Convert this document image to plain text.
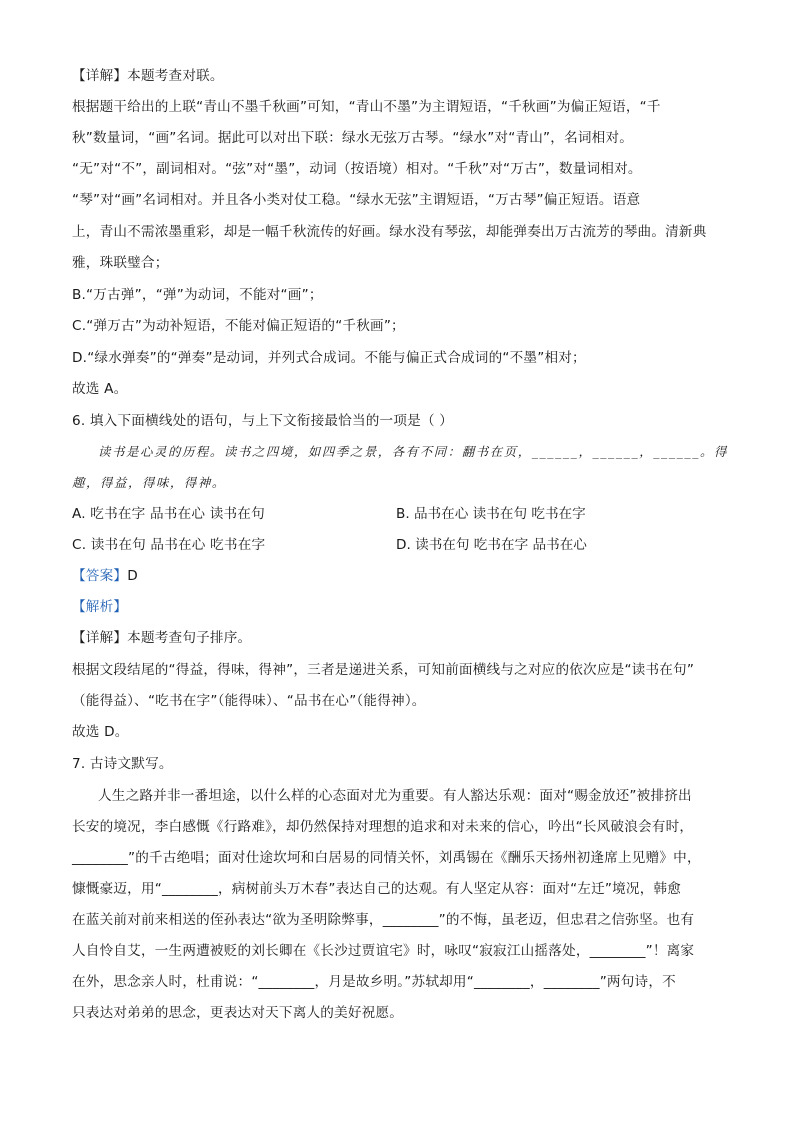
【详解】本题考查对联。
根据题干给出的上联“青山不墨千秋画”可知，“青山不墨”为主谓短语，“千秋画”为偏正短语，“千
秋”数量词，“画”名词。据此可以对出下联：绿水无弦万古琴。“绿水”对“青山”，名词相对。
“无”对“不”，副词相对。“弦”对“墨”，动词（按语境）相对。“千秋”对“万古”，数量词相对。
“琴”对“画”名词相对。并且各小类对仗工稳。“绿水无弦”主谓短语，“万古琴”偏正短语。语意
上，青山不需浓墨重彩，却是一幅千秋流传的好画。绿水没有琴弦，却能弹奏出万古流芳的琴曲。清新典
雅，珠联璧合；
B.“万古弹”，“弹”为动词，不能对“画”；
C.“弹万古”为动补短语，不能对偏正短语的“千秋画”；
D.“绿水弹奏”的“弹奏”是动词，并列式合成词。不能与偏正式合成词的“不墨”相对；
故选 A。
6. 填入下面横线处的语句，与上下文衔接最恰当的一项是（ ）
读书是心灵的历程。读书之四境，如四季之景，各有不同：翻书在页，______，______，______。得
趣，得益，得味，得神。
A. 吃书在字 品书在心 读书在句	B. 品书在心 读书在句 吃书在字
C. 读书在句 品书在心 吃书在字	D. 读书在句 吃书在字 品书在心
【答案】D
【解析】
【详解】本题考查句子排序。
根据文段结尾的“得益，得味，得神”，三者是递进关系，可知前面横线与之对应的依次应是“读书在句”
（能得益）、“吃书在字”（能得味）、“品书在心”（能得神）。
故选 D。
7. 古诗文默写。
人生之路并非一番坦途，以什么样的心态面对尤为重要。有人豁达乐观：面对“赐金放还”被排挤出
长安的境况，李白感慨《行路难》，却仍然保持对理想的追求和对未来的信心，吟出“长风破浪会有时，
________”的千古绝唱；面对仕途坎坷和白居易的同情关怀，刘禹锡在《酬乐天扬州初逢席上见赠》中，
慷慨豪迈，用“________，病树前头万木春”表达自己的达观。有人坚定从容：面对“左迁”境况，韩愈
在蓝关前对前来相送的侄孙表达“欲为圣明除弊事，________”的不悔，虽老迈，但忠君之信弥坚。也有
人自怜自艾，一生两遭被贬的刘长卿在《长沙过贾谊宅》时，咏叹“寂寂江山摇落处，________”！离家
在外，思念亲人时，杜甫说：“________，月是故乡明。”苏轼却用“________，________”两句诗，不
只表达对弟弟的思念，更表达对天下离人的美好祝愿。
